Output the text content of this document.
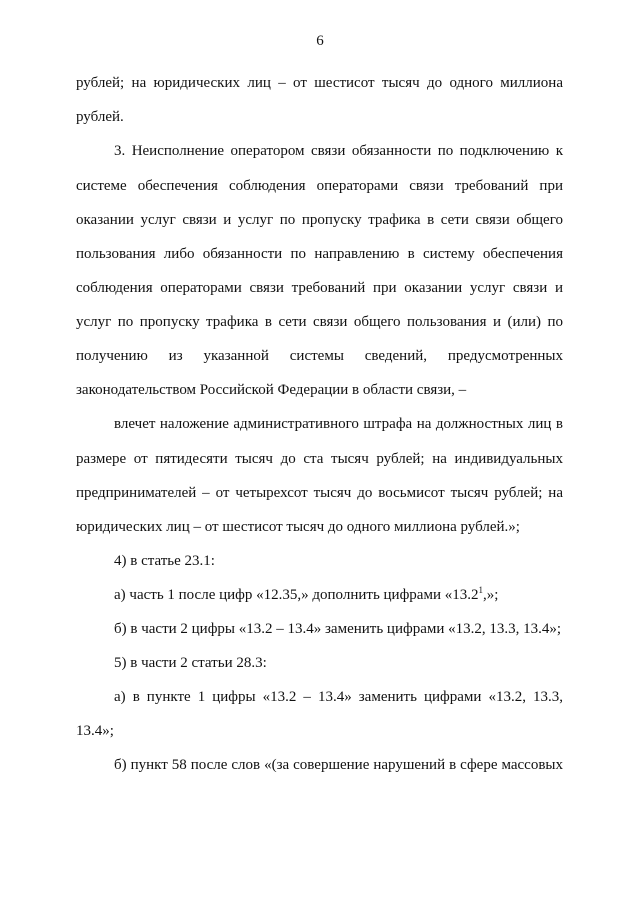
6
рублей; на юридических лиц – от шестисот тысяч до одного миллиона
рублей.
3. Неисполнение оператором связи обязанности по подключению к
системе обеспечения соблюдения операторами связи требований при
оказании услуг связи и услуг по пропуску трафика в сети связи общего
пользования либо обязанности по направлению в систему обеспечения
соблюдения операторами связи требований при оказании услуг связи и
услуг по пропуску трафика в сети связи общего пользования и (или) по
получению из указанной системы сведений, предусмотренных
законодательством Российской Федерации в области связи, –
влечет наложение административного штрафа на должностных лиц в
размере от пятидесяти тысяч до ста тысяч рублей; на индивидуальных
предпринимателей – от четырехсот тысяч до восьмисот тысяч рублей; на
юридических лиц – от шестисот тысяч до одного миллиона рублей.»;
4) в статье 23.1:
а) часть 1 после цифр «12.35,» дополнить цифрами «13.2$^1$,»;
б) в части 2 цифры «13.2 – 13.4» заменить цифрами «13.2, 13.3, 13.4»;
5) в части 2 статьи 28.3:
а) в пункте 1 цифры «13.2 – 13.4» заменить цифрами «13.2, 13.3,
13.4»;
б) пункт 58 после слов «(за совершение нарушений в сфере массовых
